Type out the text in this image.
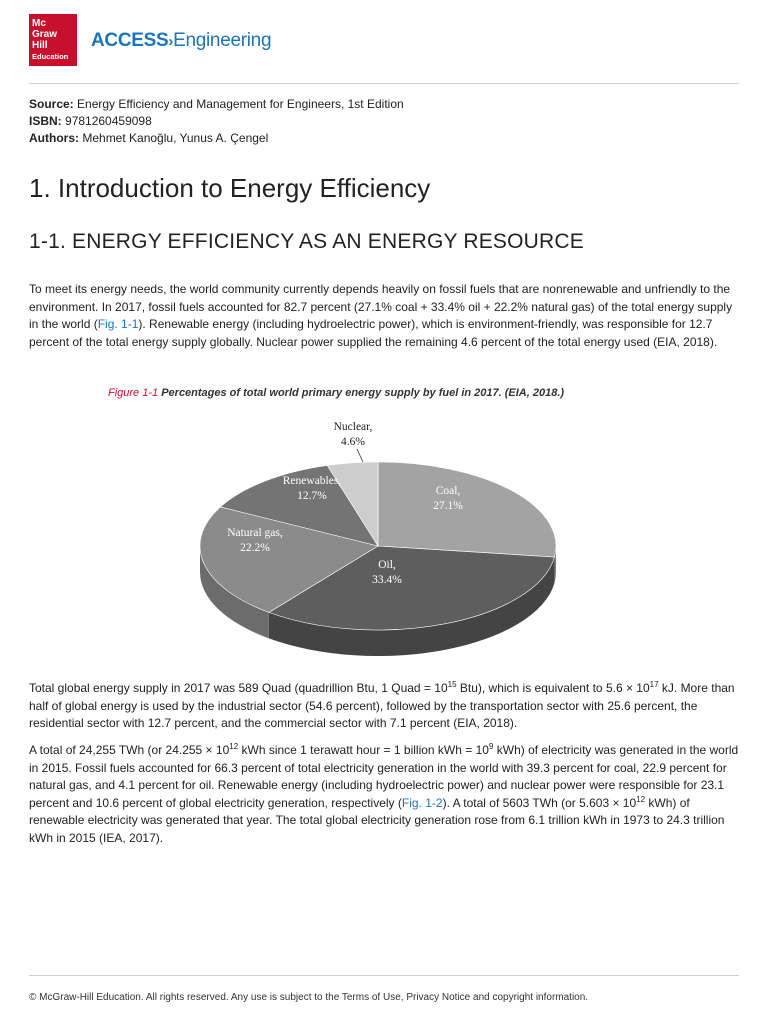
Mc
Graw
Hill
Education
ACCESS›Engineering
Source: Energy Efficiency and Management for Engineers, 1st Edition
ISBN: 9781260459098
Authors: Mehmet Kanoğlu, Yunus A. Çengel
1. Introduction to Energy Efficiency
1-1. ENERGY EFFICIENCY AS AN ENERGY RESOURCE

To meet its energy needs, the world community currently depends heavily on fossil fuels that are nonrenewable and unfriendly to the environment. In 2017, fossil fuels accounted for 82.7 percent (27.1% coal + 33.4% oil + 22.2% natural gas) of the total energy supply in the world (Fig. 1-1). Renewable energy (including hydroelectric power), which is environment-friendly, was responsible for 12.7 percent of the total energy supply globally. Nuclear power supplied the remaining 4.6 percent of the total energy used (EIA, 2018).

Figure 1-1 Percentages of total world primary energy supply by fuel in 2017. (EIA, 2018.)
Coal,
27.1%
Oil,
33.4%
Natural gas,
22.2%
Renewables,
12.7%
Nuclear,
4.6%

Total global energy supply in 2017 was 589 Quad (quadrillion Btu, 1 Quad = $10^{15}$ Btu), which is equivalent to $5.6 \times 10^{17}$ kJ. More than half of global energy is used by the industrial sector (54.6 percent), followed by the transportation sector with 25.6 percent, the residential sector with 12.7 percent, and the commercial sector with 7.1 percent (EIA, 2018).

A total of 24,255 TWh (or $24.255 \times 10^{12}$ kWh since 1 terawatt hour = 1 billion kWh = $10^9$ kWh) of electricity was generated in the world in 2015. Fossil fuels accounted for 66.3 percent of total electricity generation in the world with 39.3 percent for coal, 22.9 percent for natural gas, and 4.1 percent for oil. Renewable energy (including hydroelectric power) and nuclear power were responsible for 23.1 percent and 10.6 percent of global electricity generation, respectively (Fig. 1-2). A total of 5603 TWh (or $5.603 \times 10^{12}$ kWh) of renewable electricity was generated that year. The total global electricity generation rose from 6.1 trillion kWh in 1973 to 24.3 trillion kWh in 2015 (IEA, 2017).

© McGraw-Hill Education. All rights reserved. Any use is subject to the Terms of Use, Privacy Notice and copyright information.
